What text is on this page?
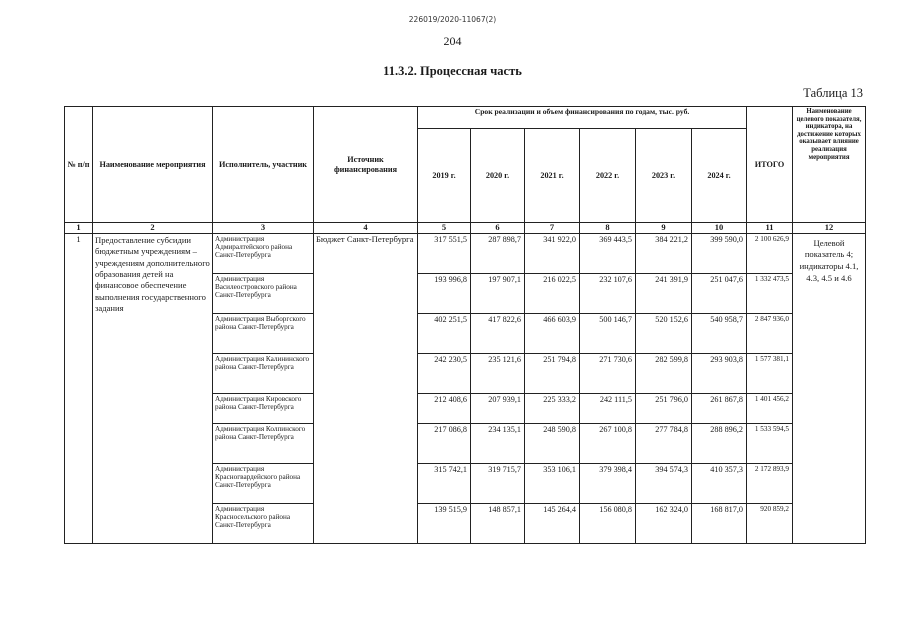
226019/2020-11067(2)
204
11.3.2. Процессная часть
Таблица 13
№ п/п	Наименование мероприятия	Исполнитель, участник	Источник финансирования	Срок реализации и объем финансирования по годам, тыс. руб.						ИТОГО	Наименование целевого показателя, индикатора, на достижение которых оказывает влияние реализация мероприятия
				2019 г.	2020 г.	2021 г.	2022 г.	2023 г.	2024 г.		
1	2	3	4	5	6	7	8	9	10	11	12
1	Предоставление субсидии бюджетным учреждениям – учреждениям дополнительного образования детей на финансовое обеспечение выполнения государственного задания	Администрация Адмиралтейского района Санкт-Петербурга	Бюджет Санкт-Петербурга	317 551,5	287 898,7	341 922,0	369 443,5	384 221,2	399 590,0	2 100 626,9	Целевой показатель 4; индикаторы 4.1, 4.3, 4.5 и 4.6
		Администрация Василеостровского района Санкт-Петербурга		193 996,8	197 907,1	216 022,5	232 107,6	241 391,9	251 047,6	1 332 473,5	
		Администрация Выборгского района Санкт-Петербурга		402 251,5	417 822,6	466 603,9	500 146,7	520 152,6	540 958,7	2 847 936,0	
		Администрация Калининского района Санкт-Петербурга		242 230,5	235 121,6	251 794,8	271 730,6	282 599,8	293 903,8	1 577 381,1	
		Администрация Кировского района Санкт-Петербурга		212 408,6	207 939,1	225 333,2	242 111,5	251 796,0	261 867,8	1 401 456,2	
		Администрация Колпинского района Санкт-Петербурга		217 086,8	234 135,1	248 590,8	267 100,8	277 784,8	288 896,2	1 533 594,5	
		Администрация Красногвардейского района Санкт-Петербурга		315 742,1	319 715,7	353 106,1	379 398,4	394 574,3	410 357,3	2 172 893,9	
		Администрация Красносельского района Санкт-Петербурга		139 515,9	148 857,1	145 264,4	156 080,8	162 324,0	168 817,0	920 859,2	
